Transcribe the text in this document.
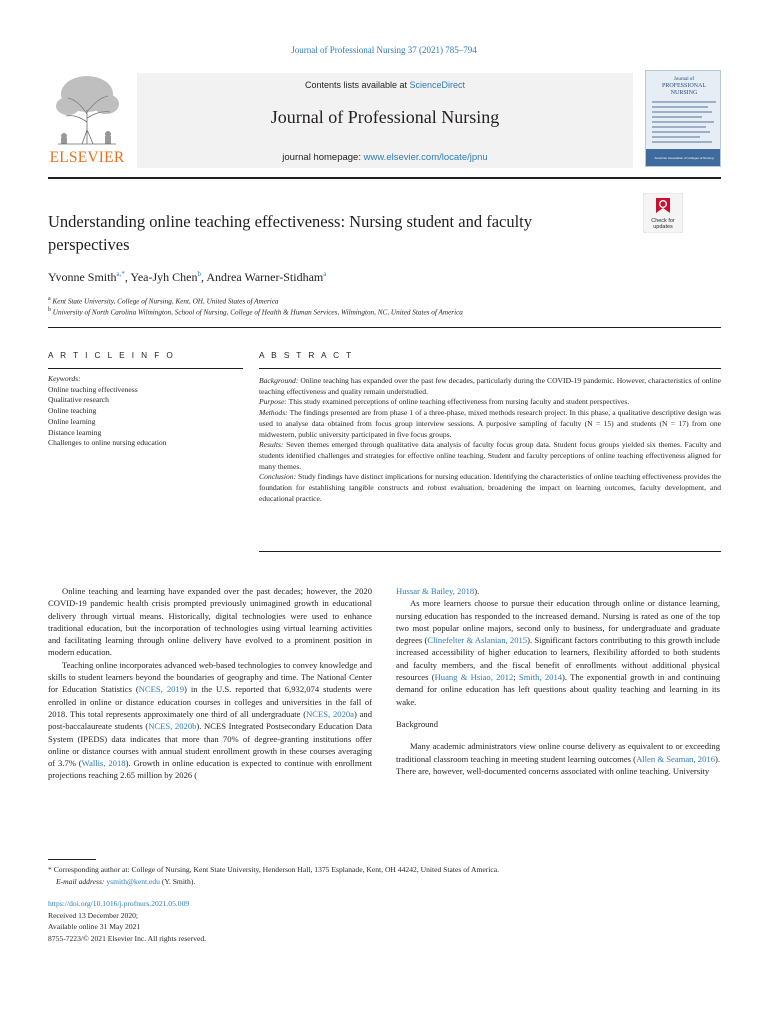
Journal of Professional Nursing 37 (2021) 785–794
ELSEVIER
Contents lists available at ScienceDirect
Journal of Professional Nursing
journal homepage: www.elsevier.com/locate/jpnu
Journal of
PROFESSIONAL
NURSING
American Association of Colleges of Nursing
Understanding online teaching effectiveness: Nursing student and faculty perspectives
Check for
updates
Yvonne Smith$^{a,*}$, Yea-Jyh Chen$^b$, Andrea Warner-Stidham$^a$
$^a$ Kent State University, College of Nursing, Kent, OH, United States of America
$^b$ University of North Carolina Wilmington, School of Nursing, College of Health & Human Services, Wilmington, NC, United States of America
A R T I C L E I N F O	A B S T R A C T
Keywords:
Online teaching effectiveness
Qualitative research
Online teaching
Online learning
Distance learning
Challenges to online nursing education
Background: Online teaching has expanded over the past few decades, particularly during the COVID-19 pandemic. However, characteristics of online teaching effectiveness and quality remain understudied.
Purpose: This study examined perceptions of online teaching effectiveness from nursing faculty and student perspectives.
Methods: The findings presented are from phase 1 of a three-phase, mixed methods research project. In this phase, a qualitative descriptive design was used to analyse data obtained from focus group interview sessions. A purposive sampling of faculty (N = 15) and students (N = 17) from one midwestern, public university participated in five focus groups.
Results: Seven themes emerged through qualitative data analysis of faculty focus group data. Student focus groups yielded six themes. Faculty and students identified challenges and strategies for effective online teaching. Student and faculty perceptions of online teaching effectiveness aligned for many themes.
Conclusion: Study findings have distinct implications for nursing education. Identifying the characteristics of online teaching effectiveness provides the foundation for establishing tangible constructs and robust evaluation, broadening the impact on learning outcomes, faculty development, and educational practice.

Online teaching and learning have expanded over the past decades; however, the 2020 COVID-19 pandemic health crisis prompted previously unimagined growth in educational delivery through virtual means. Historically, digital technologies were used to enhance traditional education, but the incorporation of technologies using virtual learning activities and facilitating learning through online delivery have evolved to a prominent position in modern education.

Teaching online incorporates advanced web-based technologies to convey knowledge and skills to student learners beyond the boundaries of geography and time. The National Center for Education Statistics (NCES, 2019) in the U.S. reported that 6,932,074 students were enrolled in online or distance education courses in colleges and universities in the fall of 2018. This total represents approximately one third of all undergraduate (NCES, 2020a) and post-baccalaureate students (NCES, 2020b). NCES Integrated Postsecondary Education Data System (IPEDS) data indicates that more than 70% of degree-granting institutions offer online or distance courses with annual student enrollment growth in these courses averaging of 3.7% (Wallis, 2018). Growth in online education is expected to continue with enrollment projections reaching 2.65 million by 2026 (

Hussar & Bailey, 2018).

As more learners choose to pursue their education through online or distance learning, nursing education has responded to the increased demand. Nursing is rated as one of the top two most popular online majors, second only to business, for undergraduate and graduate degrees (Clinefelter & Aslanian, 2015). Significant factors contributing to this growth include increased accessibility of higher education to learners, flexibility afforded to both students and faculty members, and the fiscal benefit of enrollments without additional physical resources (Huang & Hsiao, 2012; Smith, 2014). The exponential growth in and continuing demand for online education has left questions about quality teaching and learning in its wake.

Background

Many academic administrators view online course delivery as equivalent to or exceeding traditional classroom teaching in meeting student learning outcomes (Allen & Seaman, 2016). There are, however, well-documented concerns associated with online teaching. University

* Corresponding author at: College of Nursing, Kent State University, Henderson Hall, 1375 Esplanade, Kent, OH 44242, United States of America.
E-mail address: ysmith@kent.edu (Y. Smith).
https://doi.org/10.1016/j.profnurs.2021.05.009
Received 13 December 2020;
Available online 31 May 2021
8755-7223/© 2021 Elsevier Inc. All rights reserved.
